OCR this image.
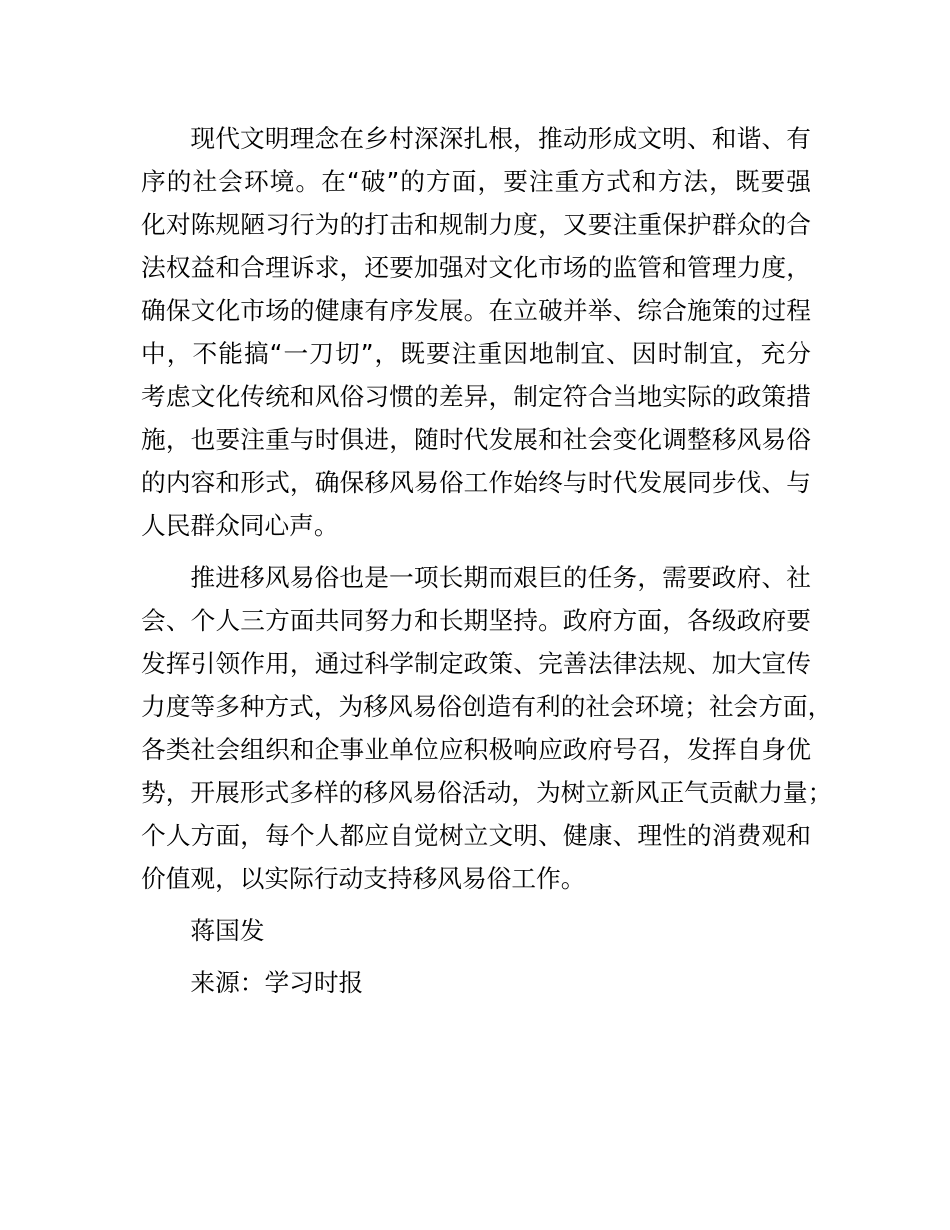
现代文明理念在乡村深深扎根，推动形成文明、和谐、有
序的社会环境。在“破”的方面，要注重方式和方法，既要强
化对陈规陋习行为的打击和规制力度，又要注重保护群众的合
法权益和合理诉求，还要加强对文化市场的监管和管理力度，
确保文化市场的健康有序发展。在立破并举、综合施策的过程
中，不能搞“一刀切”，既要注重因地制宜、因时制宜，充分
考虑文化传统和风俗习惯的差异，制定符合当地实际的政策措
施，也要注重与时俱进，随时代发展和社会变化调整移风易俗
的内容和形式，确保移风易俗工作始终与时代发展同步伐、与
人民群众同心声。

推进移风易俗也是一项长期而艰巨的任务，需要政府、社
会、个人三方面共同努力和长期坚持。政府方面，各级政府要
发挥引领作用，通过科学制定政策、完善法律法规、加大宣传
力度等多种方式，为移风易俗创造有利的社会环境；社会方面，
各类社会组织和企事业单位应积极响应政府号召，发挥自身优
势，开展形式多样的移风易俗活动，为树立新风正气贡献力量；
个人方面，每个人都应自觉树立文明、健康、理性的消费观和
价值观，以实际行动支持移风易俗工作。

蒋国发

来源：学习时报
